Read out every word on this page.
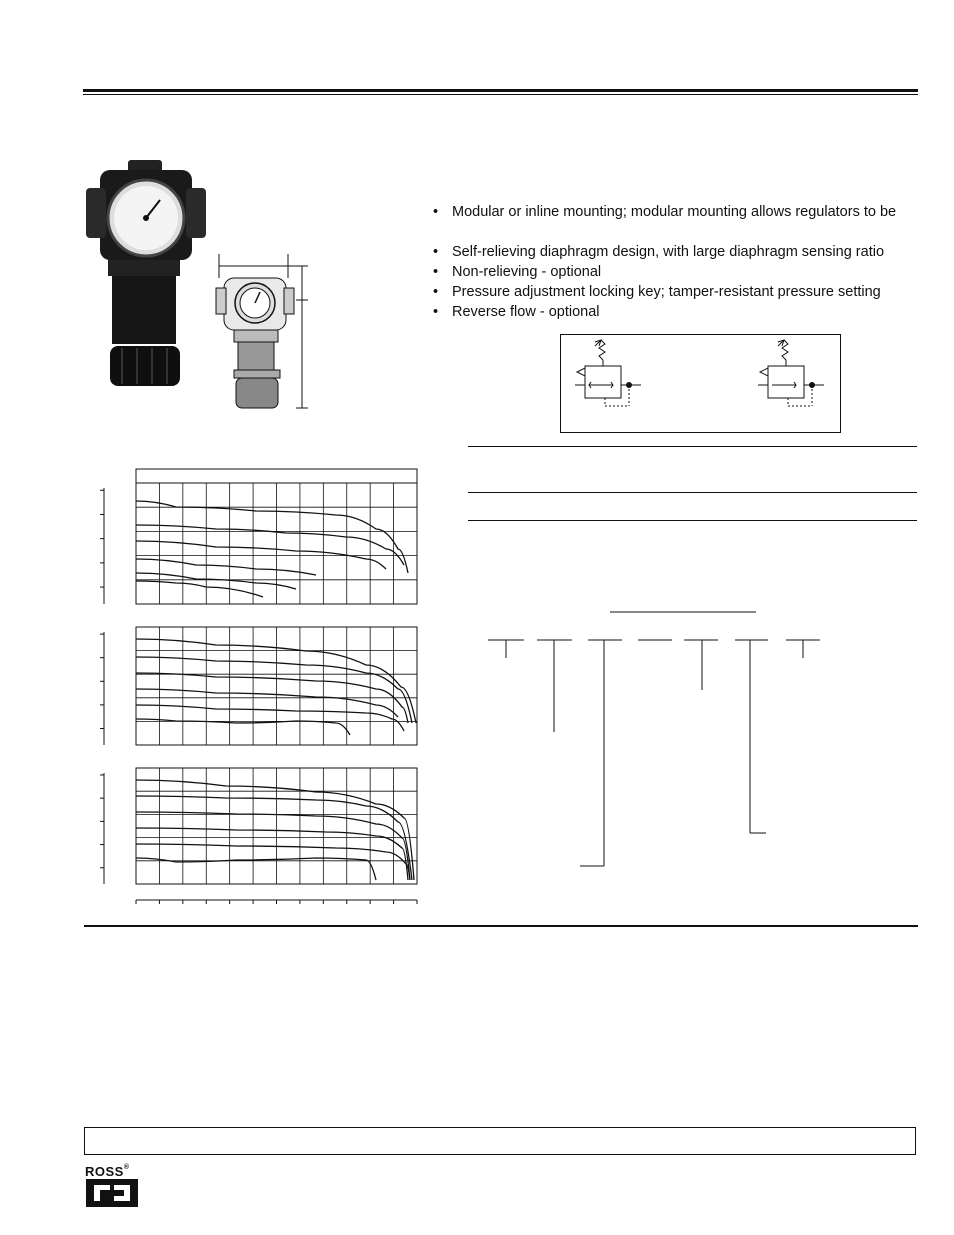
• Modular or inline mounting; modular mounting allows regulators to be
• Self-relieving diaphragm design, with large diaphragm sensing ratio
• Non-relieving - optional
• Pressure adjustment locking key; tamper-resistant pressure setting
• Reverse flow - optional
ROSS®
